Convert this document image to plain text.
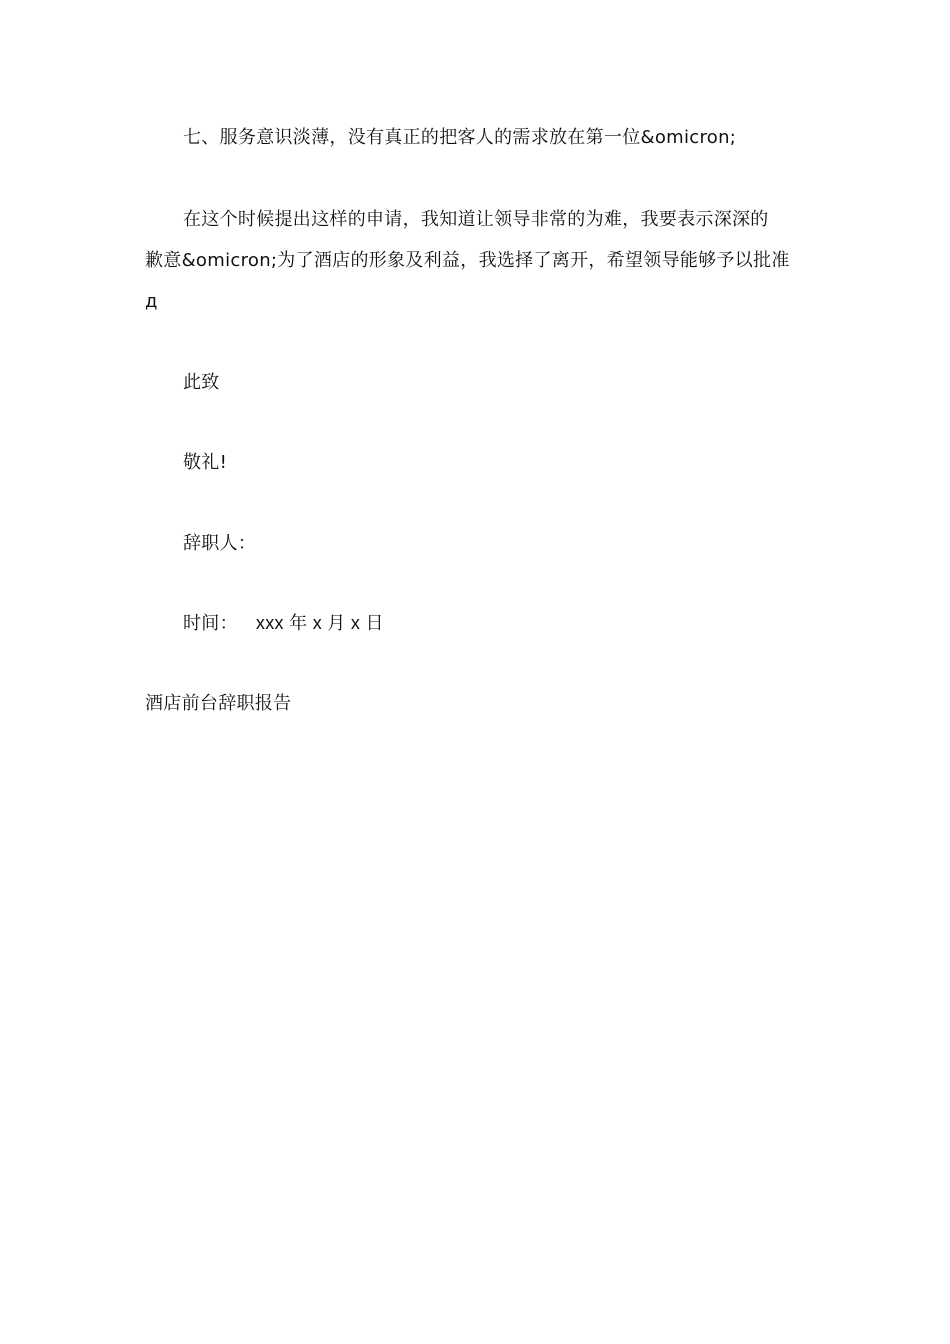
七、服务意识淡薄，没有真正的把客人的需求放在第一位&omicron;
在这个时候提出这样的申请，我知道让领导非常的为难，我要表示深深的
歉意&omicron;为了酒店的形象及利益，我选择了离开，希望领导能够予以批准
д
此致
敬礼!
辞职人：
时间： xxx 年 x 月 x 日
酒店前台辞职报告
